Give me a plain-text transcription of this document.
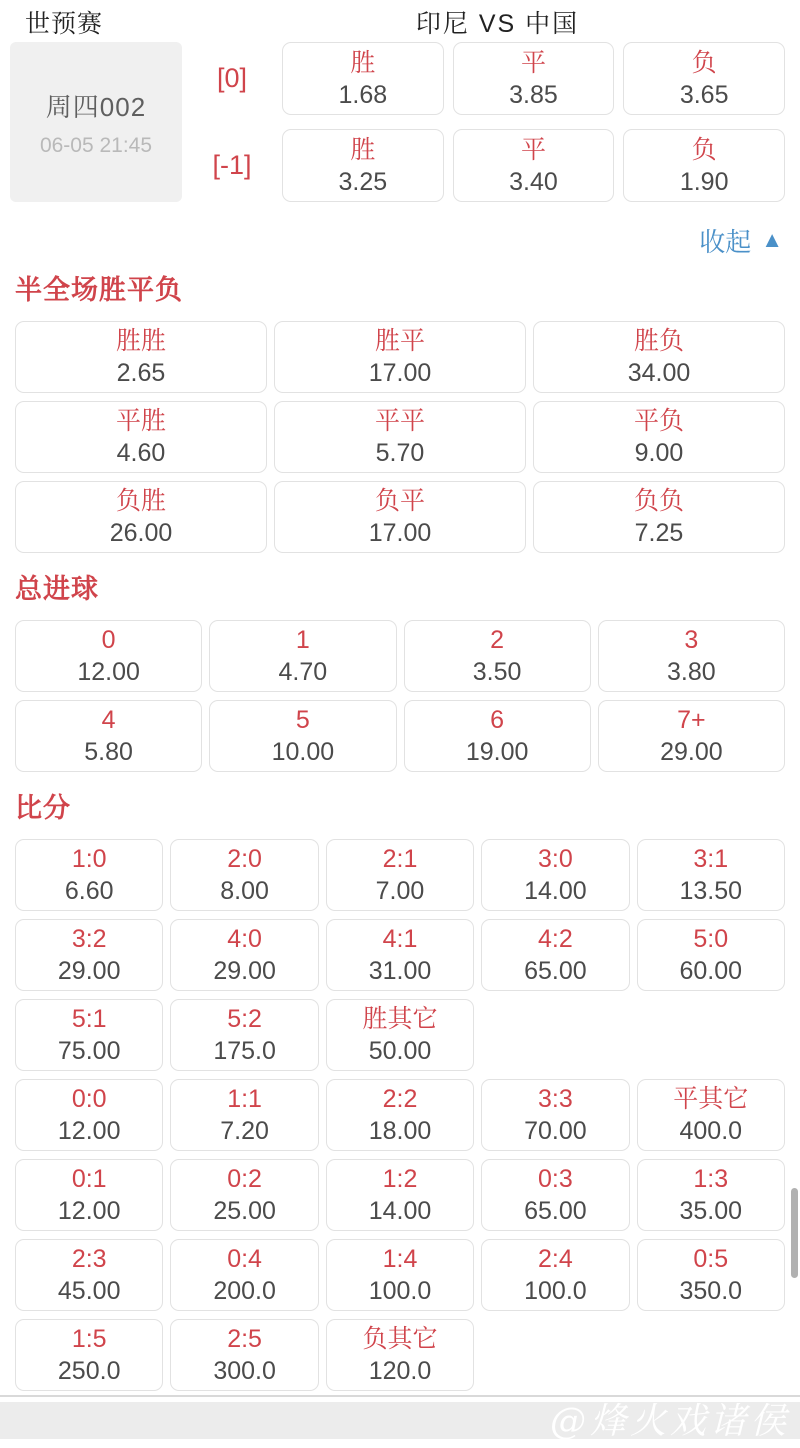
世预赛	印尼 VS 中国
周四002
06-05 21:45
[0]
胜
1.68
平
3.85
负
3.65
[-1]
胜
3.25
平
3.40
负
1.90
收起 ▲
半全场胜平负
胜胜
2.65
胜平
17.00
胜负
34.00
平胜
4.60
平平
5.70
平负
9.00
负胜
26.00
负平
17.00
负负
7.25
总进球
0
12.00
1
4.70
2
3.50
3
3.80
4
5.80
5
10.00
6
19.00
7+
29.00
比分
1:0
6.60
2:0
8.00
2:1
7.00
3:0
14.00
3:1
13.50
3:2
29.00
4:0
29.00
4:1
31.00
4:2
65.00
5:0
60.00
5:1
75.00
5:2
175.0
胜其它
50.00
0:0
12.00
1:1
7.20
2:2
18.00
3:3
70.00
平其它
400.0
0:1
12.00
0:2
25.00
1:2
14.00
0:3
65.00
1:3
35.00
2:3
45.00
0:4
200.0
1:4
100.0
2:4
100.0
0:5
350.0
1:5
250.0
2:5
300.0
负其它
120.0
@烽火戏诸侯
